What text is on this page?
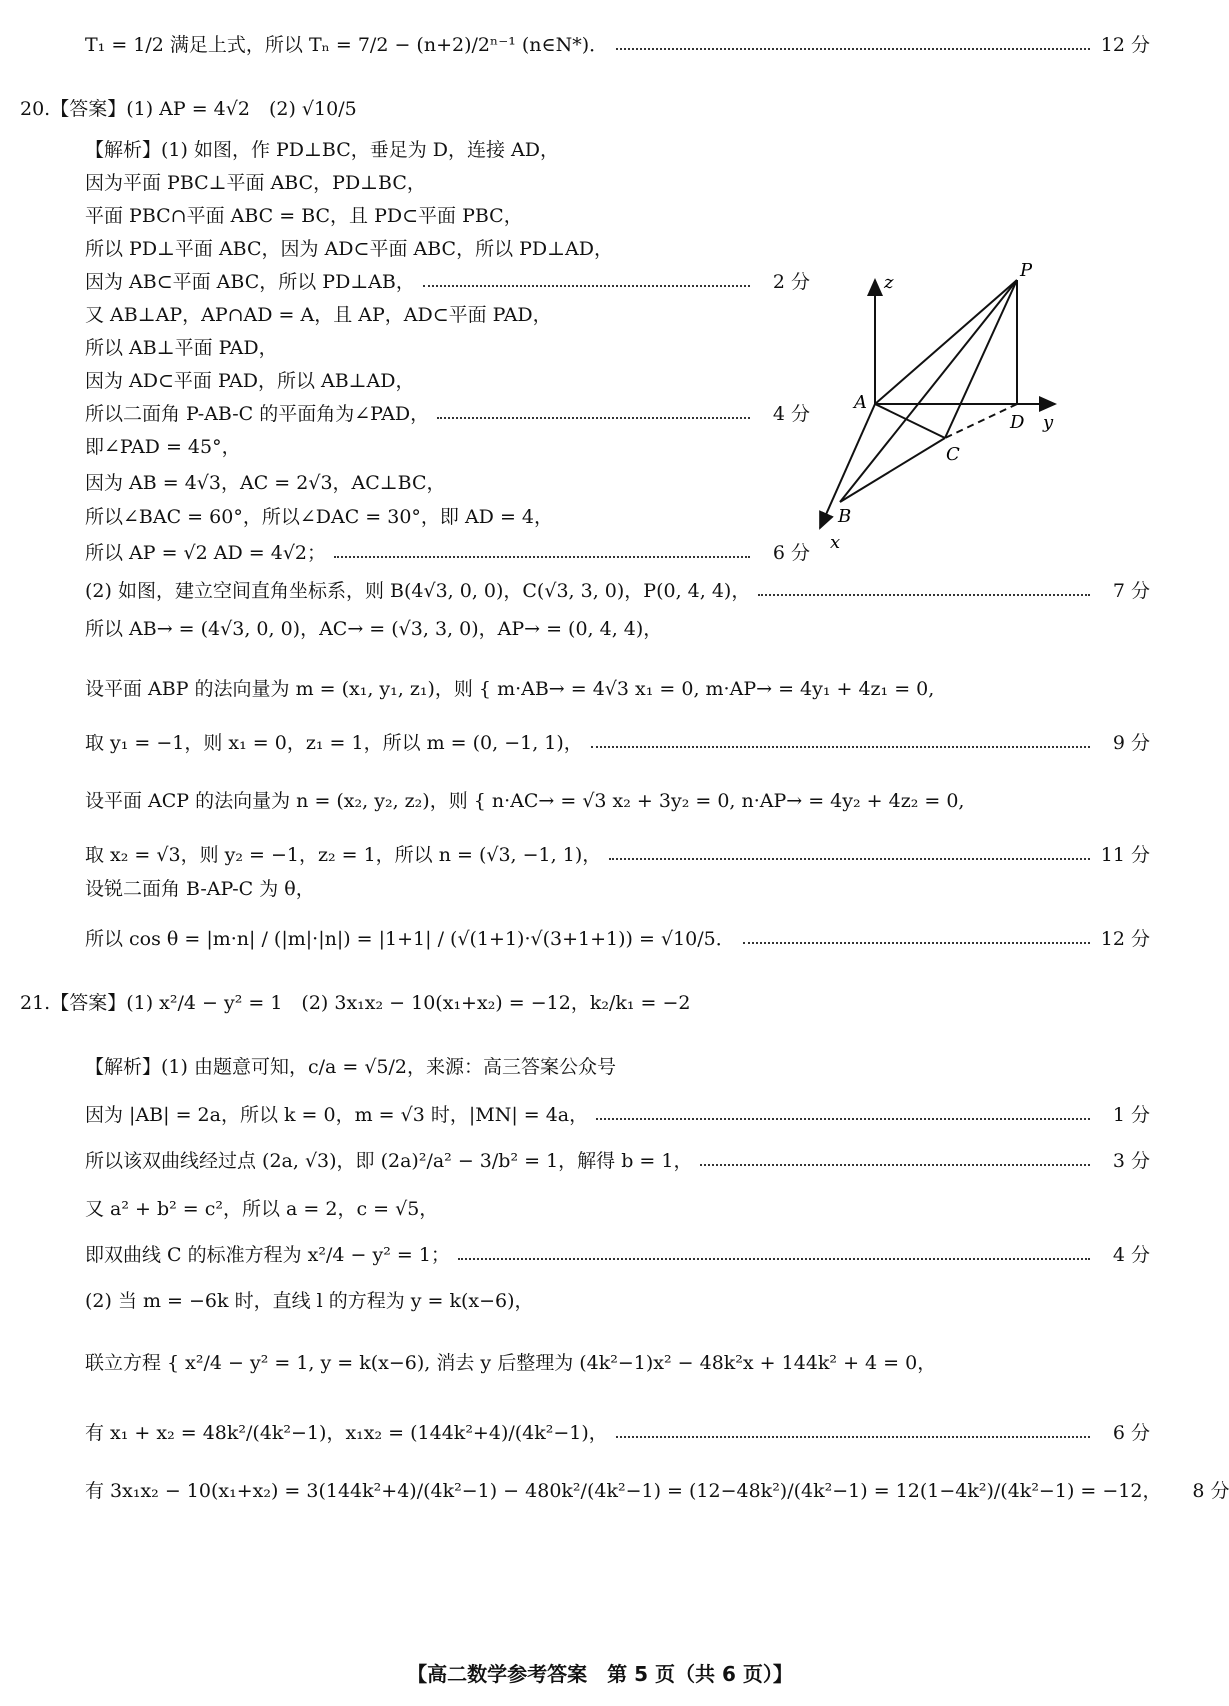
T₁ = 1/2 满足上式，所以 Tₙ = 7/2 − (n+2)/2ⁿ⁻¹ (n∈N*)．	12 分
20.【答案】(1) AP = 4√2　(2) √10/5
【解析】(1) 如图，作 PD⊥BC，垂足为 D，连接 AD，
因为平面 PBC⊥平面 ABC，PD⊥BC，
平面 PBC∩平面 ABC = BC，且 PD⊂平面 PBC，
所以 PD⊥平面 ABC，因为 AD⊂平面 ABC，所以 PD⊥AD，
因为 AB⊂平面 ABC，所以 PD⊥AB，	2 分
又 AB⊥AP，AP∩AD = A，且 AP，AD⊂平面 PAD，
所以 AB⊥平面 PAD，
因为 AD⊂平面 PAD，所以 AB⊥AD，
所以二面角 P-AB-C 的平面角为∠PAD，	4 分
即∠PAD = 45°，
因为 AB = 4√3，AC = 2√3，AC⊥BC，
所以∠BAC = 60°，所以∠DAC = 30°，即 AD = 4，
所以 AP = √2 AD = 4√2；	6 分
(2) 如图，建立空间直角坐标系，则 B(4√3, 0, 0)，C(√3, 3, 0)，P(0, 4, 4)，	7 分
所以 AB→ = (4√3, 0, 0)，AC→ = (√3, 3, 0)，AP→ = (0, 4, 4)，
设平面 ABP 的法向量为 m = (x₁, y₁, z₁)，则 { m·AB→ = 4√3 x₁ = 0, m·AP→ = 4y₁ + 4z₁ = 0,
取 y₁ = −1，则 x₁ = 0，z₁ = 1，所以 m = (0, −1, 1)，	9 分
设平面 ACP 的法向量为 n = (x₂, y₂, z₂)，则 { n·AC→ = √3 x₂ + 3y₂ = 0, n·AP→ = 4y₂ + 4z₂ = 0,
取 x₂ = √3，则 y₂ = −1，z₂ = 1，所以 n = (√3, −1, 1)，	11 分
设锐二面角 B-AP-C 为 θ，
所以 cos θ = |m·n| / (|m|·|n|) = |1+1| / (√(1+1)·√(3+1+1)) = √10/5．	12 分
21.【答案】(1) x²/4 − y² = 1　(2) 3x₁x₂ − 10(x₁+x₂) = −12，k₂/k₁ = −2
【解析】(1) 由题意可知，c/a = √5/2，来源：高三答案公众号
因为 |AB| = 2a，所以 k = 0，m = √3 时，|MN| = 4a，	1 分
所以该双曲线经过点 (2a, √3)，即 (2a)²/a² − 3/b² = 1，解得 b = 1，	3 分
又 a² + b² = c²，所以 a = 2，c = √5，
即双曲线 C 的标准方程为 x²/4 − y² = 1；	4 分
(2) 当 m = −6k 时，直线 l 的方程为 y = k(x−6)，
联立方程 { x²/4 − y² = 1, y = k(x−6), 消去 y 后整理为 (4k²−1)x² − 48k²x + 144k² + 4 = 0，
有 x₁ + x₂ = 48k²/(4k²−1)，x₁x₂ = (144k²+4)/(4k²−1)，	6 分
有 3x₁x₂ − 10(x₁+x₂) = 3(144k²+4)/(4k²−1) − 480k²/(4k²−1) = (12−48k²)/(4k²−1) = 12(1−4k²)/(4k²−1) = −12，	8 分
P
z
A
D y
C
B
x
【高二数学参考答案　第 5 页（共 6 页）】
